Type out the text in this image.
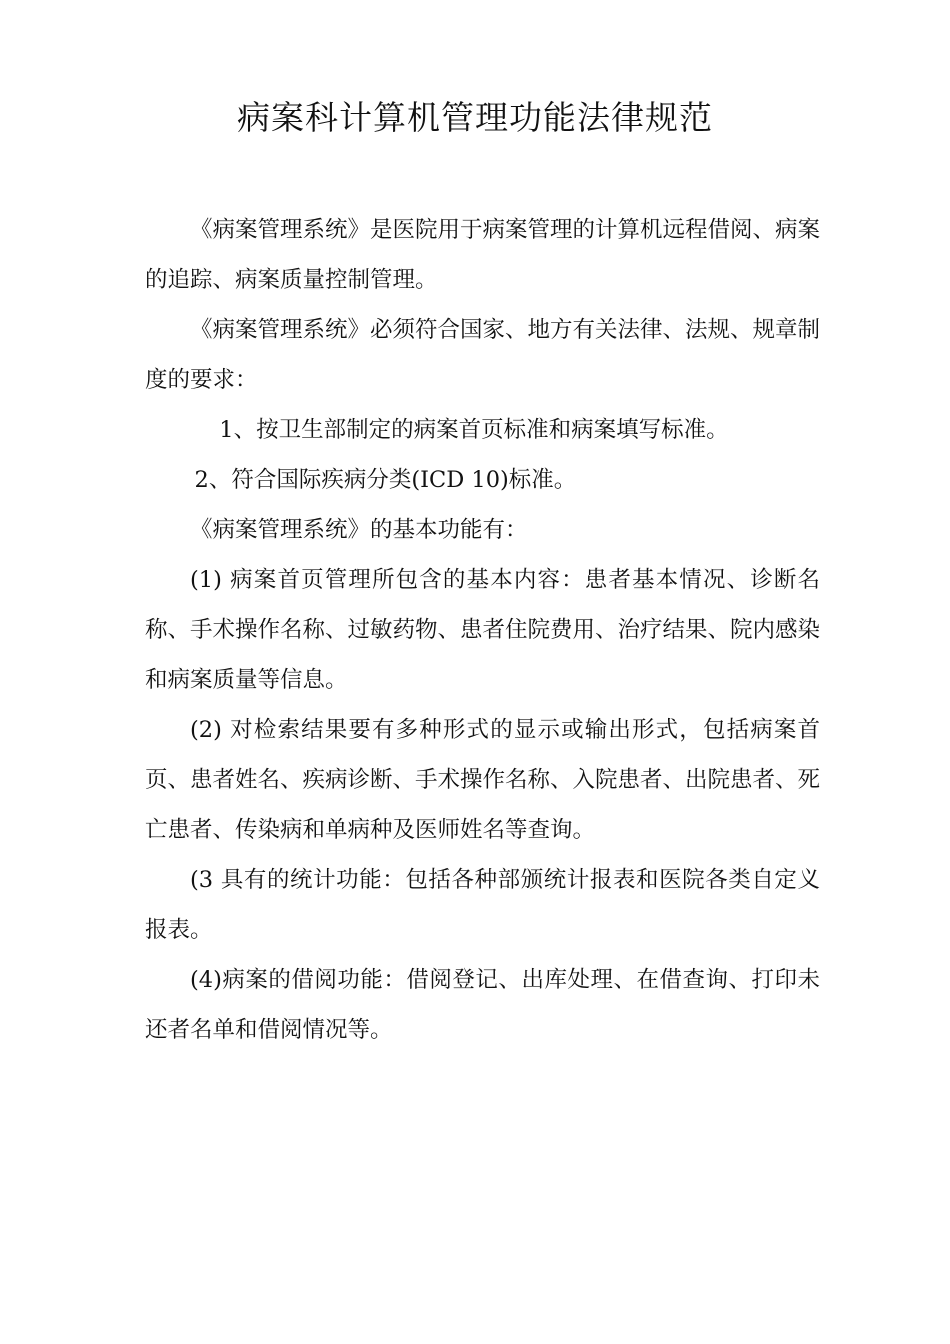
病案科计算机管理功能法律规范

《病案管理系统》是医院用于病案管理的计算机远程借阅、病案的追踪、病案质量控制管理。

《病案管理系统》必须符合国家、地方有关法律、法规、规章制度的要求：

1、按卫生部制定的病案首页标准和病案填写标准。

2、符合国际疾病分类(ICD 10)标准。

《病案管理系统》的基本功能有：

(1) 病案首页管理所包含的基本内容：患者基本情况、诊断名称、手术操作名称、过敏药物、患者住院费用、治疗结果、院内感染和病案质量等信息。

(2) 对检索结果要有多种形式的显示或输出形式，包括病案首页、患者姓名、疾病诊断、手术操作名称、入院患者、出院患者、死亡患者、传染病和单病种及医师姓名等查询。

(3 具有的统计功能：包括各种部颁统计报表和医院各类自定义报表。

(4)病案的借阅功能：借阅登记、出库处理、在借查询、打印未还者名单和借阅情况等。
